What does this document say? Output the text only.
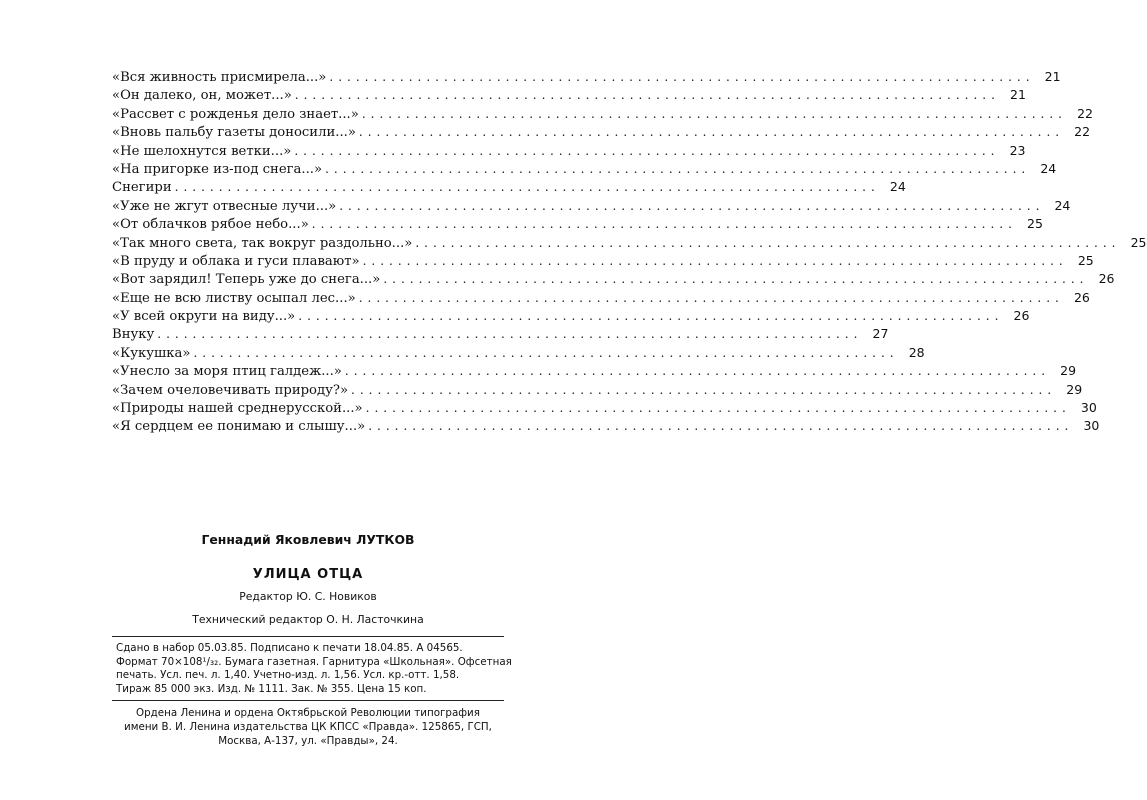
«Вся живность присмирела...» ................................................................................ 21
«Он далеко, он, может...» ................................................................................ 21
«Рассвет с рожденья дело знает...» ................................................................................ 22
«Вновь пальбу газеты доносили...» ................................................................................ 22
«Не шелохнутся ветки...» ................................................................................ 23
«На пригорке из-под снега...» ................................................................................ 24
Снегири ................................................................................ 24
«Уже не жгут отвесные лучи...» ................................................................................ 24
«От облачков рябое небо...» ................................................................................ 25
«Так много света, так вокруг раздольно...» ................................................................................ 25
«В пруду и облака и гуси плавают» ................................................................................ 25
«Вот зарядил! Теперь уже до снега...» ................................................................................ 26
«Еще не всю листву осыпал лес...» ................................................................................ 26
«У всей округи на виду...» ................................................................................ 26
Внуку ................................................................................ 27
«Кукушка» ................................................................................ 28
«Унесло за моря птиц галдеж...» ................................................................................ 29
«Зачем очеловечивать природу?» ................................................................................ 29
«Природы нашей среднерусской...» ................................................................................ 30
«Я сердцем ее понимаю и слышу...» ................................................................................ 30
Геннадий Яковлевич ЛУТКОВ
УЛИЦА ОТЦА
Редактор Ю. С. Новиков
Технический редактор О. Н. Ласточкина
Сдано в набор 05.03.85. Подписано к печати 18.04.85. А 04565.
Формат 70×108¹/₃₂. Бумага газетная. Гарнитура «Школьная». Офсетная
печать. Усл. печ. л. 1,40. Учетно-изд. л. 1,56. Усл. кр.-отт. 1,58.
Тираж 85 000 экз. Изд. № 1111. Зак. № 355. Цена 15 коп.
Ордена Ленина и ордена Октябрьской Революции типография
имени В. И. Ленина издательства ЦК КПСС «Правда». 125865, ГСП,
Москва, А-137, ул. «Правды», 24.
